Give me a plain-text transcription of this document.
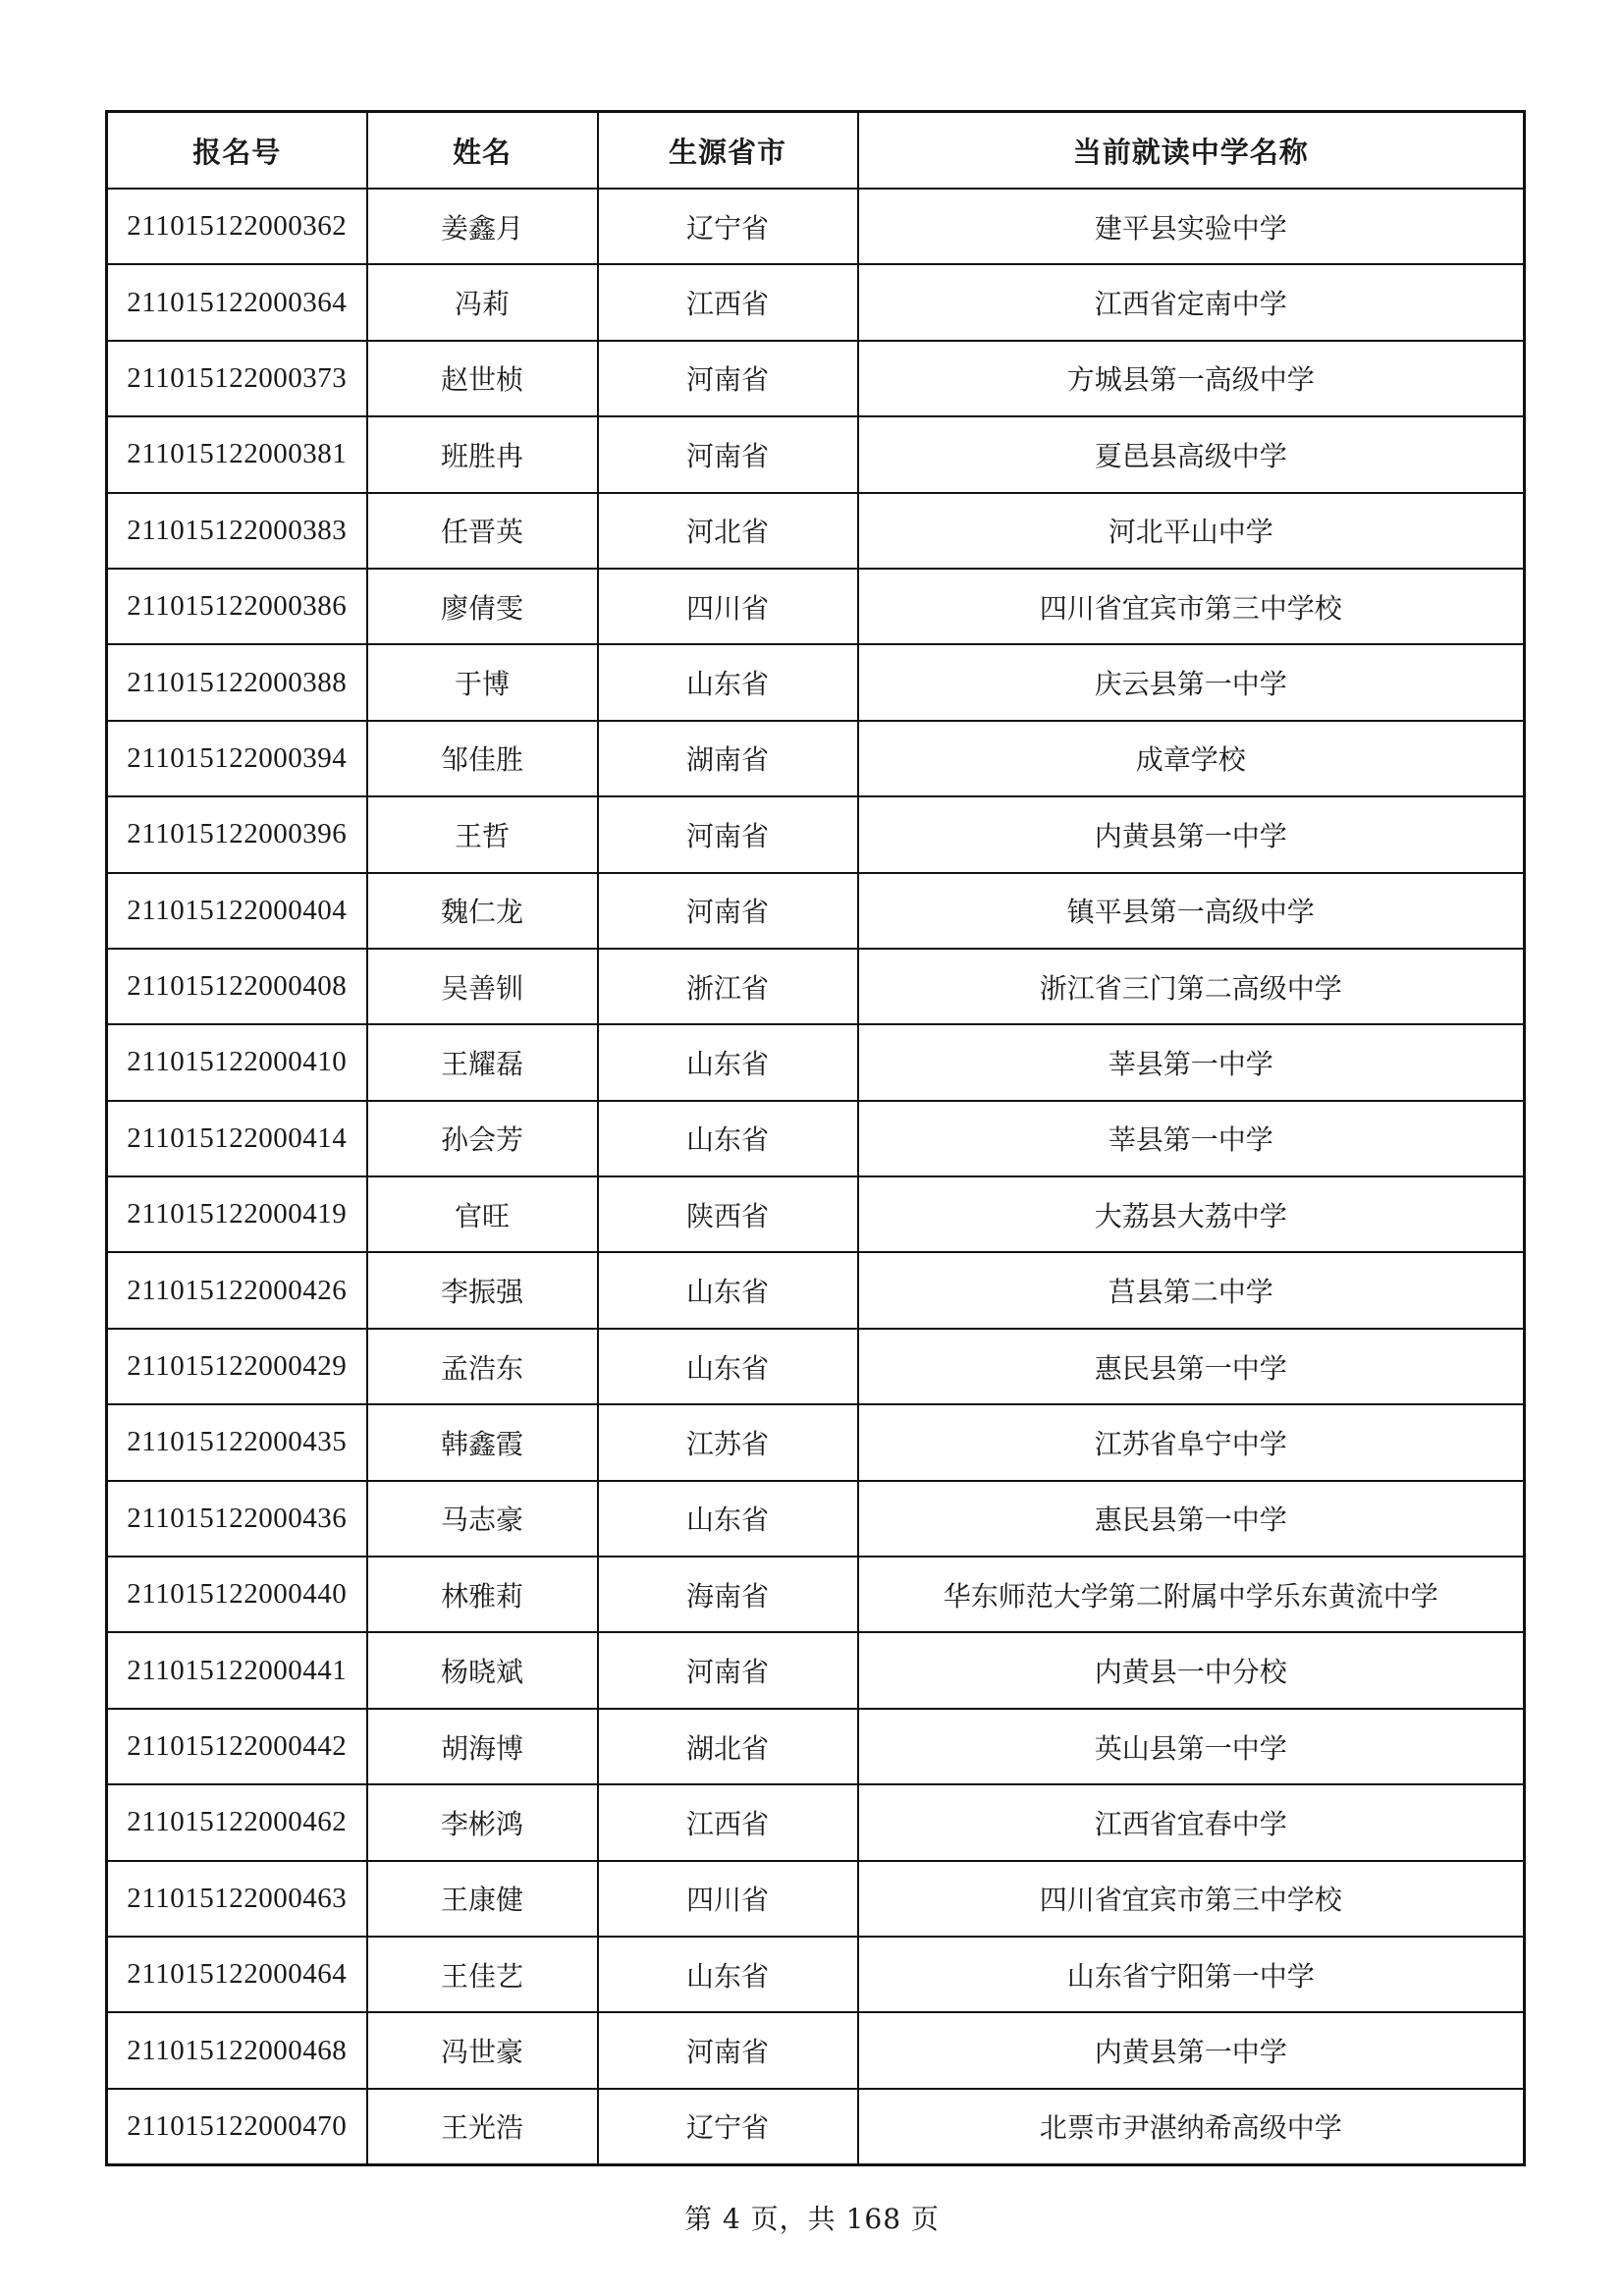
报名号	姓名	生源省市	当前就读中学名称
211015122000362	姜鑫月	辽宁省	建平县实验中学
211015122000364	冯莉	江西省	江西省定南中学
211015122000373	赵世桢	河南省	方城县第一高级中学
211015122000381	班胜冉	河南省	夏邑县高级中学
211015122000383	任晋英	河北省	河北平山中学
211015122000386	廖倩雯	四川省	四川省宜宾市第三中学校
211015122000388	于博	山东省	庆云县第一中学
211015122000394	邹佳胜	湖南省	成章学校
211015122000396	王哲	河南省	内黄县第一中学
211015122000404	魏仁龙	河南省	镇平县第一高级中学
211015122000408	吴善钏	浙江省	浙江省三门第二高级中学
211015122000410	王耀磊	山东省	莘县第一中学
211015122000414	孙会芳	山东省	莘县第一中学
211015122000419	官旺	陕西省	大荔县大荔中学
211015122000426	李振强	山东省	莒县第二中学
211015122000429	孟浩东	山东省	惠民县第一中学
211015122000435	韩鑫霞	江苏省	江苏省阜宁中学
211015122000436	马志豪	山东省	惠民县第一中学
211015122000440	林雅莉	海南省	华东师范大学第二附属中学乐东黄流中学
211015122000441	杨晓斌	河南省	内黄县一中分校
211015122000442	胡海博	湖北省	英山县第一中学
211015122000462	李彬鸿	江西省	江西省宜春中学
211015122000463	王康健	四川省	四川省宜宾市第三中学校
211015122000464	王佳艺	山东省	山东省宁阳第一中学
211015122000468	冯世豪	河南省	内黄县第一中学
211015122000470	王光浩	辽宁省	北票市尹湛纳希高级中学
第 4 页，共 168 页
